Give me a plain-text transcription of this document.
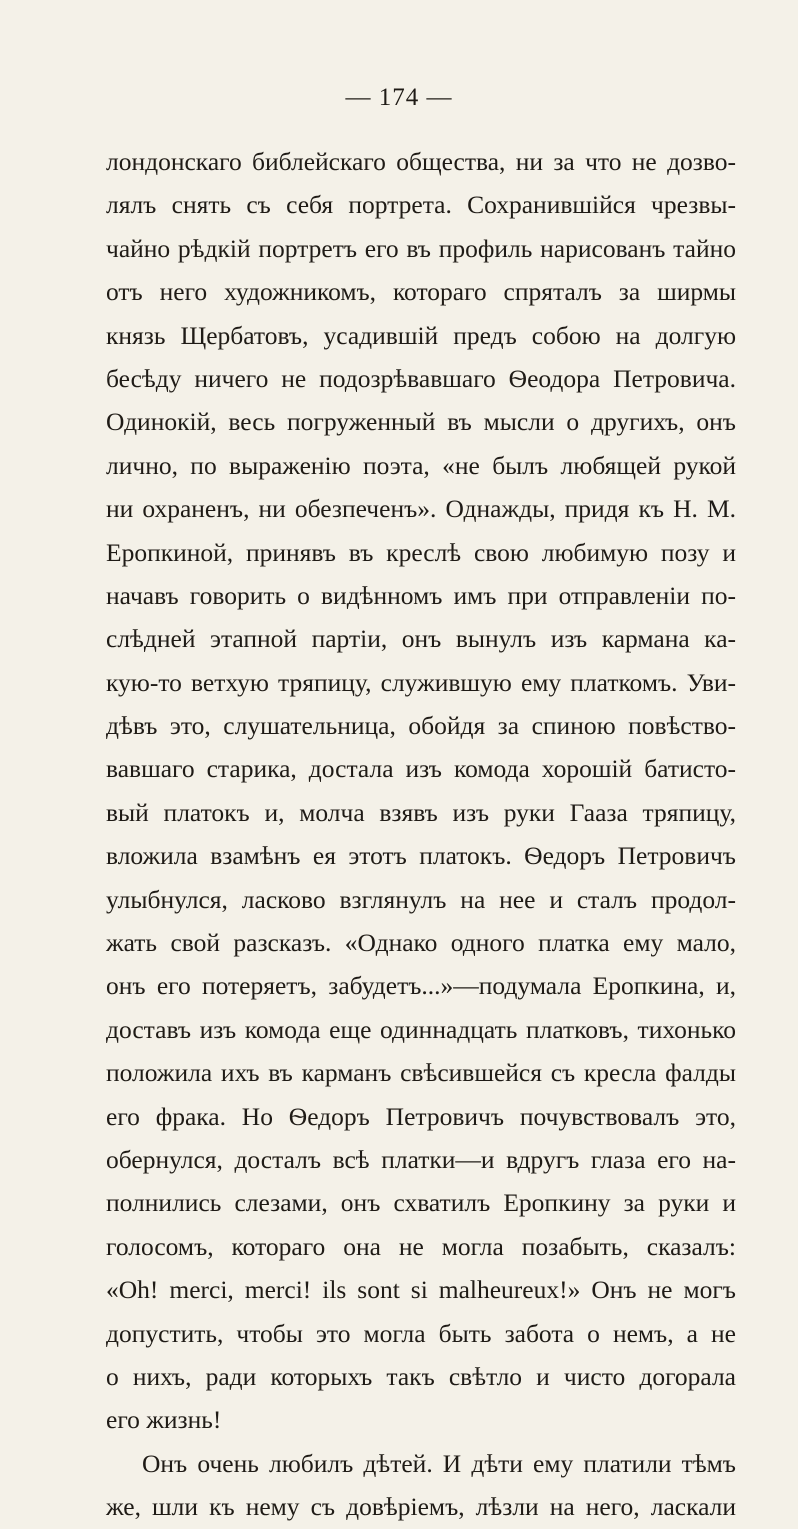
— 174 —
лондонскаго библейскаго общества, ни за что не дозво-
лялъ снять съ себя портрета. Сохранившійся чрезвы-
чайно рѣдкій портретъ его въ профиль нарисованъ тайно
отъ него художникомъ, котораго спряталъ за ширмы
князь Щербатовъ, усадившій предъ собою на долгую
бесѣду ничего не подозрѣвавшаго Ѳеодора Петровича.
Одинокій, весь погруженный въ мысли о другихъ, онъ
лично, по выраженію поэта, «не былъ любящей рукой
ни охраненъ, ни обезпеченъ». Однажды, придя къ Н. М.
Еропкиной, принявъ въ креслѣ свою любимую позу и
начавъ говорить о видѣнномъ имъ при отправленіи по-
слѣдней этапной партіи, онъ вынулъ изъ кармана ка-
кую-то ветхую тряпицу, служившую ему платкомъ. Уви-
дѣвъ это, слушательница, обойдя за спиною повѣство-
вавшаго старика, достала изъ комода хорошій батисто-
вый платокъ и, молча взявъ изъ руки Гааза тряпицу,
вложила взамѣнъ ея этотъ платокъ. Ѳедоръ Петровичъ
улыбнулся, ласково взглянулъ на нее и сталъ продол-
жать свой разсказъ. «Однако одного платка ему мало,
онъ его потеряетъ, забудетъ...»—подумала Еропкина, и,
доставъ изъ комода еще одиннадцать платковъ, тихонько
положила ихъ въ карманъ свѣсившейся съ кресла фалды
его фрака. Но Ѳедоръ Петровичъ почувствовалъ это,
обернулся, досталъ всѣ платки—и вдругъ глаза его на-
полнились слезами, онъ схватилъ Еропкину за руки и
голосомъ, котораго она не могла позабыть, сказалъ:
«Oh! merci, merci! ils sont si malheureux!» Онъ не могъ
допустить, чтобы это могла быть забота о немъ, а не
о нихъ, ради которыхъ такъ свѣтло и чисто догорала
его жизнь!
Онъ очень любилъ дѣтей. И дѣти ему платили тѣмъ
же, шли къ нему съ довѣріемъ, лѣзли на него, ласкали
